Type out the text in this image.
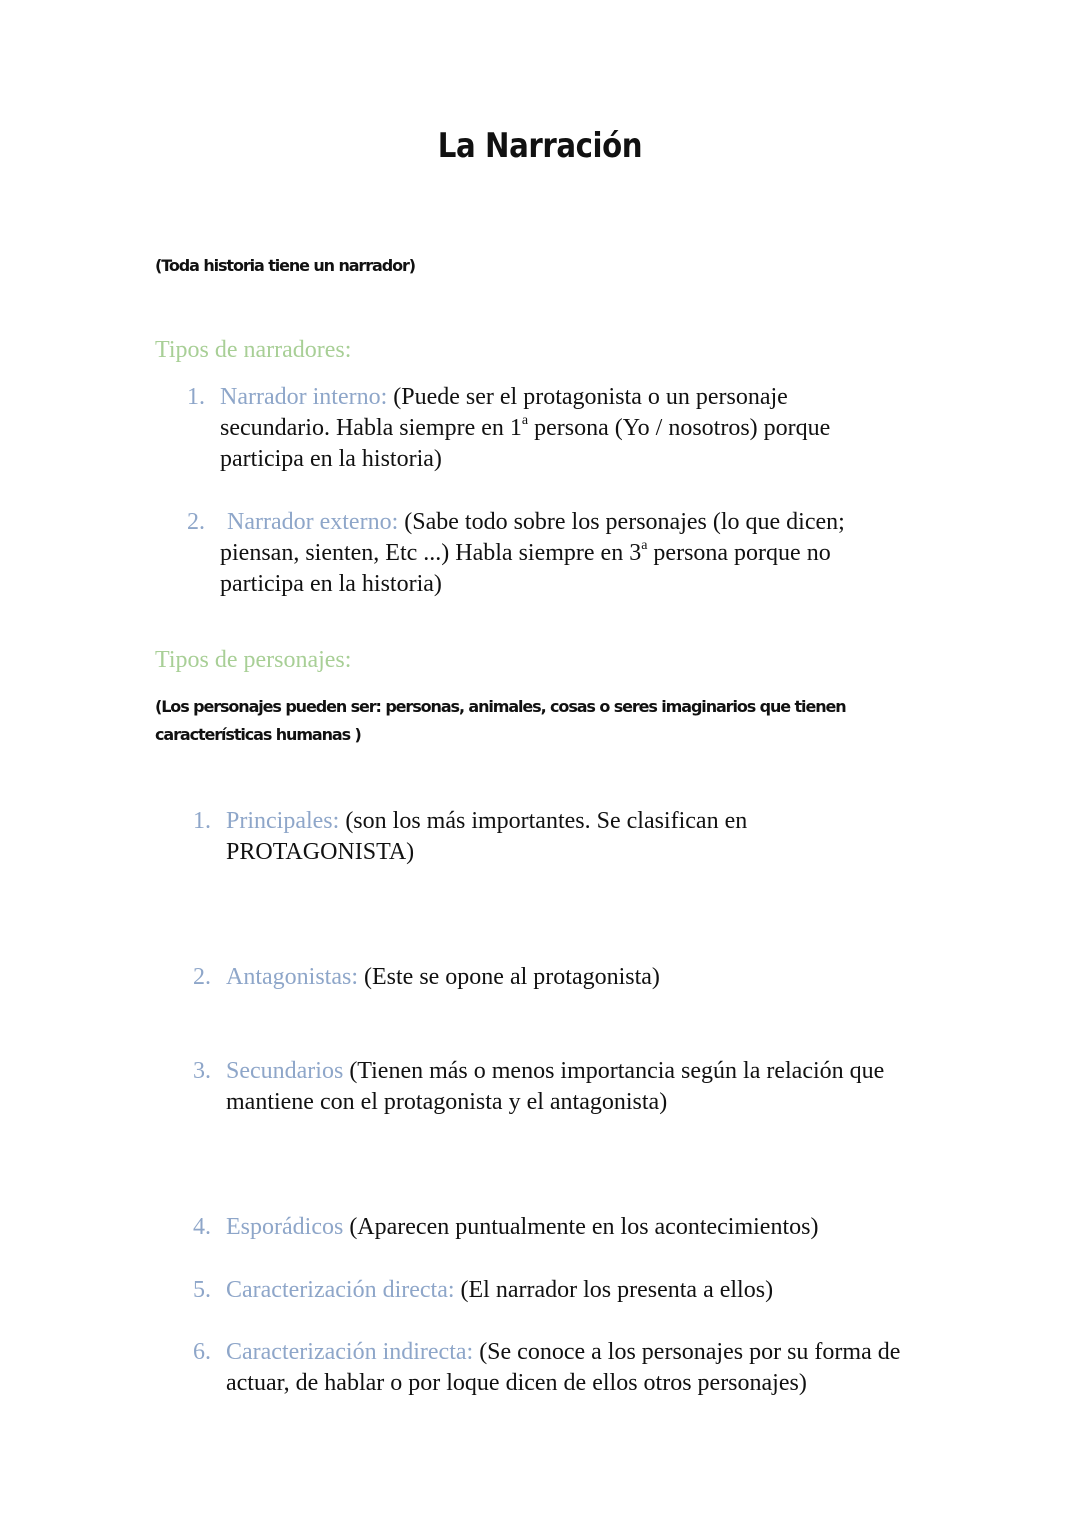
La Narración
(Toda historia tiene un narrador)
Tipos de narradores:
1. Narrador interno: (Puede ser el protagonista o un personaje secundario. Habla siempre en 1$^a$ persona (Yo / nosotros) porque participa en la historia)
2. Narrador externo: (Sabe todo sobre los personajes (lo que dicen; piensan, sienten, Etc ...) Habla siempre en 3$^a$ persona porque no participa en la historia)
Tipos de personajes:
(Los personajes pueden ser: personas, animales, cosas o seres imaginarios que tienen características humanas )
1. Principales: (son los más importantes. Se clasifican en PROTAGONISTA)
2. Antagonistas: (Este se opone al protagonista)
3. Secundarios (Tienen más o menos importancia según la relación que mantiene con el protagonista y el antagonista)
4. Esporádicos (Aparecen puntualmente en los acontecimientos)
5. Caracterización directa: (El narrador los presenta a ellos)
6. Caracterización indirecta: (Se conoce a los personajes por su forma de actuar, de hablar o por loque dicen de ellos otros personajes)
